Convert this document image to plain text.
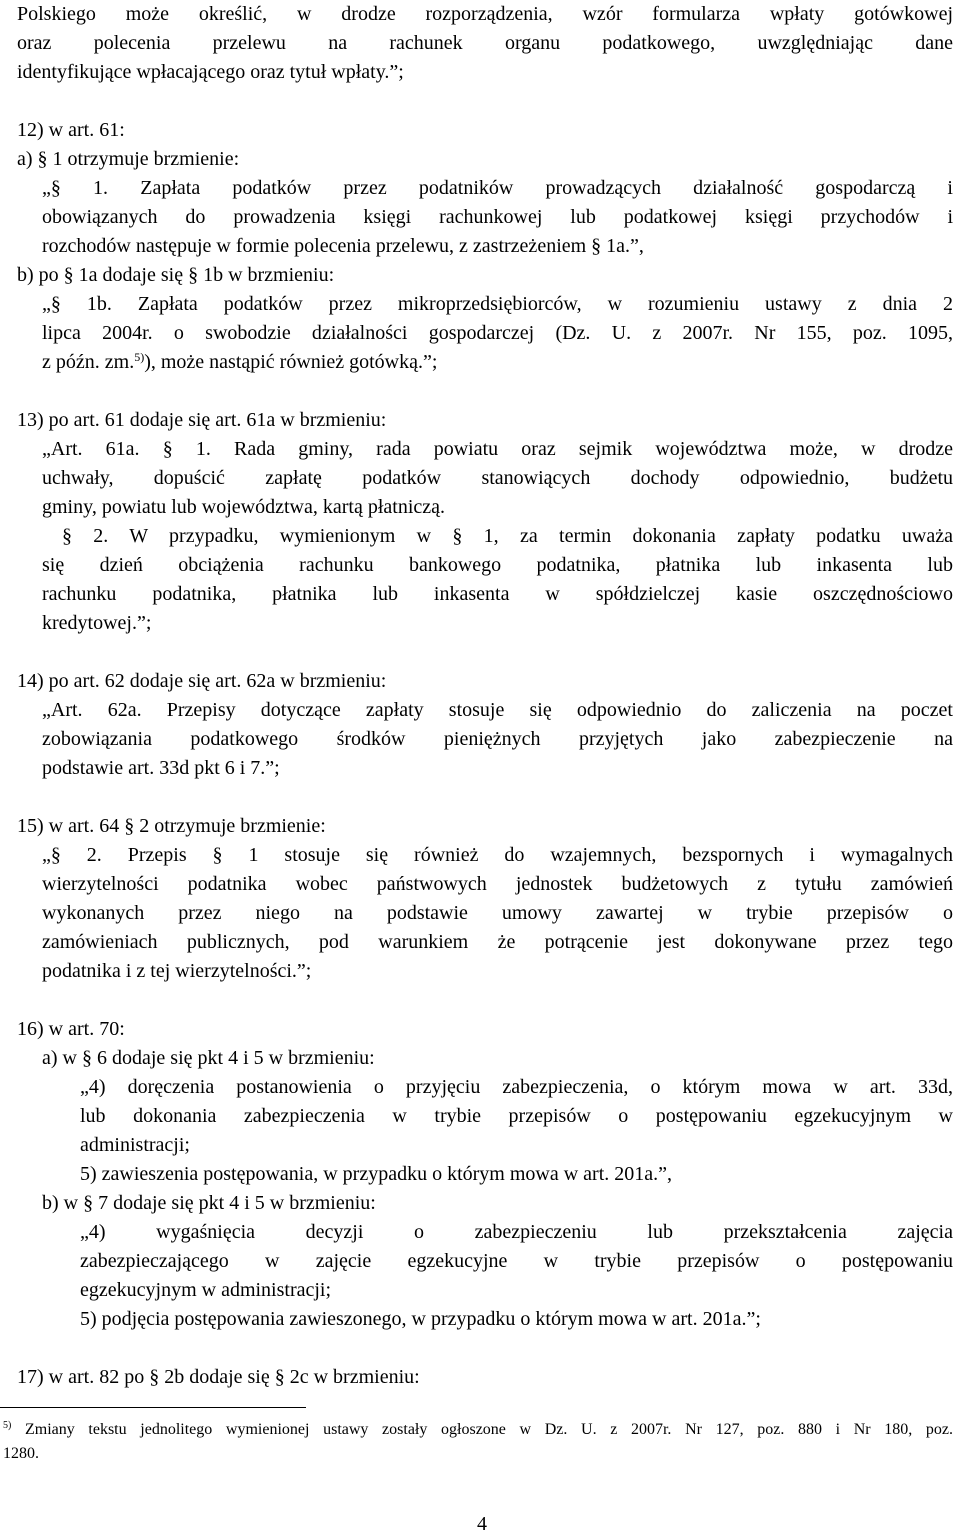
Polskiego może określić, w drodze rozporządzenia, wzór formularza wpłaty gotówkowej
oraz polecenia przelewu na rachunek organu podatkowego, uwzględniając dane
identyfikujące wpłacającego oraz tytuł wpłaty.”;
12) w art. 61:
a) § 1 otrzymuje brzmienie:
„§ 1. Zapłata podatków przez podatników prowadzących działalność gospodarczą i
obowiązanych do prowadzenia księgi rachunkowej lub podatkowej księgi przychodów i
rozchodów następuje w formie polecenia przelewu, z zastrzeżeniem § 1a.”,
b) po § 1a dodaje się § 1b w brzmieniu:
„§ 1b. Zapłata podatków przez mikroprzedsiębiorców, w rozumieniu ustawy z dnia 2
lipca 2004r. o swobodzie działalności gospodarczej (Dz. U. z 2007r. Nr 155, poz. 1095,
z późn. zm.$^{5)}$), może nastąpić również gotówką.”;
13) po art. 61 dodaje się art. 61a w brzmieniu:
„Art. 61a. § 1. Rada gminy, rada powiatu oraz sejmik województwa może, w drodze
uchwały, dopuścić zapłatę podatków stanowiących dochody odpowiednio, budżetu
gminy, powiatu lub województwa, kartą płatniczą.
§ 2. W przypadku, wymienionym w § 1, za termin dokonania zapłaty podatku uważa
się dzień obciążenia rachunku bankowego podatnika, płatnika lub inkasenta lub
rachunku podatnika, płatnika lub inkasenta w spółdzielczej kasie oszczędnościowo
kredytowej.”;
14) po art. 62 dodaje się art. 62a w brzmieniu:
„Art. 62a. Przepisy dotyczące zapłaty stosuje się odpowiednio do zaliczenia na poczet
zobowiązania podatkowego środków pieniężnych przyjętych jako zabezpieczenie na
podstawie art. 33d pkt 6 i 7.”;
15) w art. 64 § 2 otrzymuje brzmienie:
„§ 2. Przepis § 1 stosuje się również do wzajemnych, bezspornych i wymagalnych
wierzytelności podatnika wobec państwowych jednostek budżetowych z tytułu zamówień
wykonanych przez niego na podstawie umowy zawartej w trybie przepisów o
zamówieniach publicznych, pod warunkiem że potrącenie jest dokonywane przez tego
podatnika i z tej wierzytelności.”;
16) w art. 70:
a) w § 6 dodaje się pkt 4 i 5 w brzmieniu:
„4) doręczenia postanowienia o przyjęciu zabezpieczenia, o którym mowa w art. 33d,
lub dokonania zabezpieczenia w trybie przepisów o postępowaniu egzekucyjnym w
administracji;
5) zawieszenia postępowania, w przypadku o którym mowa w art. 201a.”,
b) w § 7 dodaje się pkt 4 i 5 w brzmieniu:
„4) wygaśnięcia decyzji o zabezpieczeniu lub przekształcenia zajęcia
zabezpieczającego w zajęcie egzekucyjne w trybie przepisów o postępowaniu
egzekucyjnym w administracji;
5) podjęcia postępowania zawieszonego, w przypadku o którym mowa w art. 201a.”;
17) w art. 82 po § 2b dodaje się § 2c w brzmieniu:
$^{5)}$ Zmiany tekstu jednolitego wymienionej ustawy zostały ogłoszone w Dz. U. z 2007r. Nr 127, poz. 880 i Nr 180, poz.
1280.
4
